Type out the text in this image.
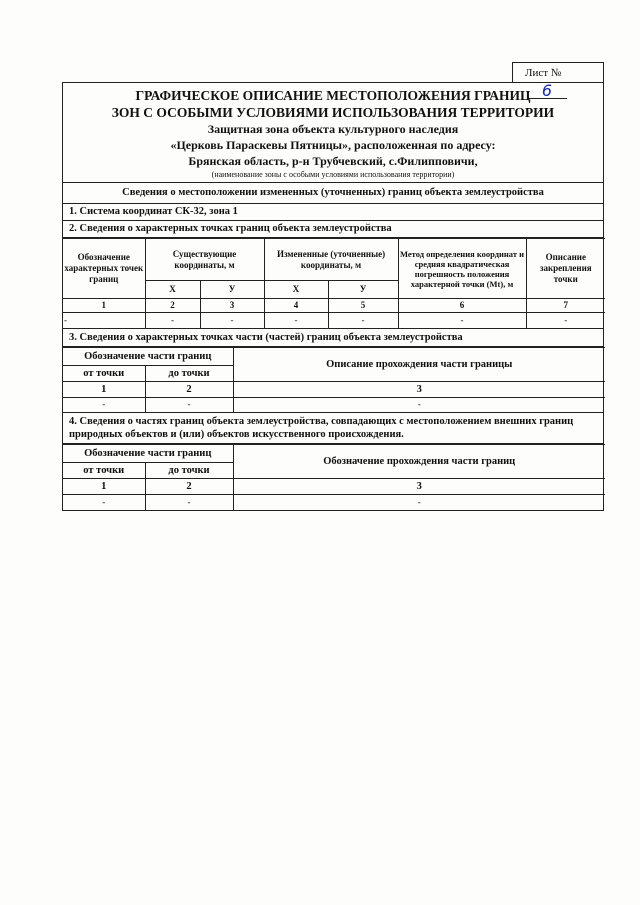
Лист №6
ГРАФИЧЕСКОЕ ОПИСАНИЕ МЕСТОПОЛОЖЕНИЯ ГРАНИЦ
ЗОН С ОСОБЫМИ УСЛОВИЯМИ ИСПОЛЬЗОВАНИЯ ТЕРРИТОРИИ
Защитная зона объекта культурного наследия
«Церковь Параскевы Пятницы», расположенная по адресу:
Брянская область, р-н Трубчевский, с.Филипповичи,
(наименование зоны с особыми условиями использования территории)
Сведения о местоположении измененных (уточненных) границ объекта землеустройства
1. Система координат СК-32, зона 1
2. Сведения о характерных точках границ объекта землеустройства
Обозначение характерных точек границ	Существующие координаты, м		Измененные (уточненные) координаты, м		Метод определения координат и средняя квадратическая погрешность положения характерной точки (Mt), м	Описание закрепления точки
	Х	У	Х	У		
1	2	3	4	5	6	7
-	-	-	-	-	-	-
3. Сведения о характерных точках части (частей) границ объекта землеустройства
Обозначение части границ		Описание прохождения части границы
от точки	до точки	
1	2	3
-	-	-
4. Сведения о частях границ объекта землеустройства, совпадающих с местоположением внешних границ природных объектов и (или) объектов искусственного происхождения.
Обозначение части границ		Обозначение прохождения части границ
от точки	до точки	
1	2	3
-	-	-
